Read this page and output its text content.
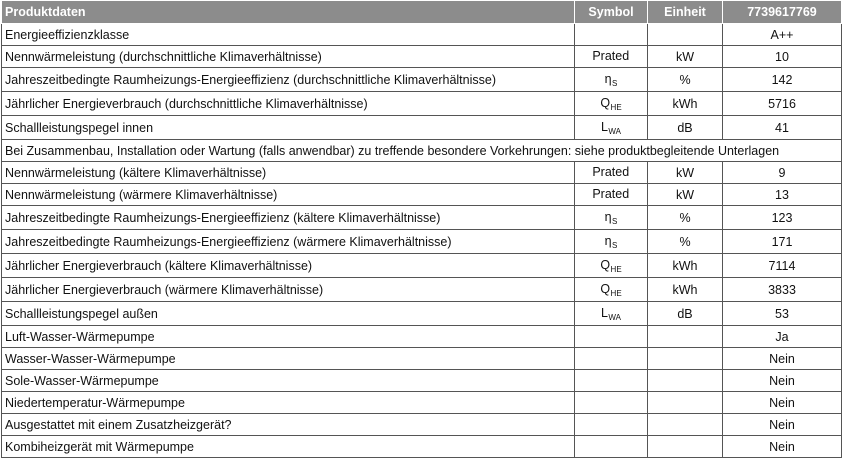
Produktdaten	Symbol	Einheit	7739617769
Energieeffizienzklasse			A++
Nennwärmeleistung (durchschnittliche Klimaverhältnisse)	Prated	kW	10
Jahreszeitbedingte Raumheizungs-Energieeffizienz (durchschnittliche Klimaverhältnisse)	$\eta_S$	%	142
Jährlicher Energieverbrauch (durchschnittliche Klimaverhältnisse)	$Q_{HE}$	kWh	5716
Schallleistungspegel innen	$L_{WA}$	dB	41
Bei Zusammenbau, Installation oder Wartung (falls anwendbar) zu treffende besondere Vorkehrungen: siehe produktbegleitende Unterlagen			
Nennwärmeleistung (kältere Klimaverhältnisse)	Prated	kW	9
Nennwärmeleistung (wärmere Klimaverhältnisse)	Prated	kW	13
Jahreszeitbedingte Raumheizungs-Energieeffizienz (kältere Klimaverhältnisse)	$\eta_S$	%	123
Jahreszeitbedingte Raumheizungs-Energieeffizienz (wärmere Klimaverhältnisse)	$\eta_S$	%	171
Jährlicher Energieverbrauch (kältere Klimaverhältnisse)	$Q_{HE}$	kWh	7114
Jährlicher Energieverbrauch (wärmere Klimaverhältnisse)	$Q_{HE}$	kWh	3833
Schallleistungspegel außen	$L_{WA}$	dB	53
Luft-Wasser-Wärmepumpe			Ja
Wasser-Wasser-Wärmepumpe			Nein
Sole-Wasser-Wärmepumpe			Nein
Niedertemperatur-Wärmepumpe			Nein
Ausgestattet mit einem Zusatzheizgerät?			Nein
Kombiheizgerät mit Wärmepumpe			Nein
